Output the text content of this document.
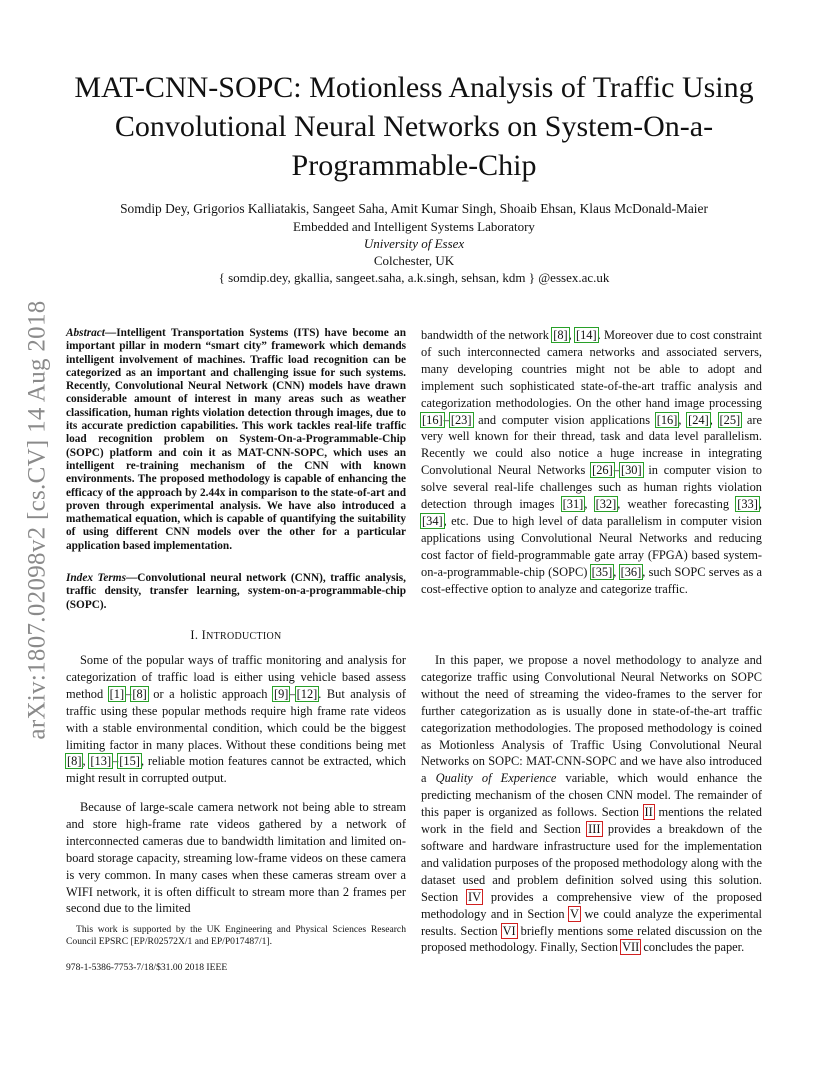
arXiv:1807.02098v2 [cs.CV] 14 Aug 2018
MAT-CNN-SOPC: Motionless Analysis of Traffic Using Convolutional Neural Networks on System-On-a-Programmable-Chip
Somdip Dey, Grigorios Kalliatakis, Sangeet Saha, Amit Kumar Singh, Shoaib Ehsan, Klaus McDonald-Maier
Embedded and Intelligent Systems Laboratory
University of Essex
Colchester, UK
{ somdip.dey, gkallia, sangeet.saha, a.k.singh, sehsan, kdm } @essex.ac.uk
Abstract—Intelligent Transportation Systems (ITS) have become an important pillar in modern “smart city” framework which demands intelligent involvement of machines. Traffic load recognition can be categorized as an important and challenging issue for such systems. Recently, Convolutional Neural Network (CNN) models have drawn considerable amount of interest in many areas such as weather classification, human rights violation detection through images, due to its accurate prediction capabilities. This work tackles real-life traffic load recognition problem on System-On-a-Programmable-Chip (SOPC) platform and coin it as MAT-CNN-SOPC, which uses an intelligent re-training mechanism of the CNN with known environments. The proposed methodology is capable of enhancing the efficacy of the approach by 2.44x in comparison to the state-of-art and proven through experimental analysis. We have also introduced a mathematical equation, which is capable of quantifying the suitability of using different CNN models over the other for a particular application based implementation.
Index Terms—Convolutional neural network (CNN), traffic analysis, traffic density, transfer learning, system-on-a-programmable-chip (SOPC).
I. INTRODUCTION

Some of the popular ways of traffic monitoring and analysis for categorization of traffic load is either using vehicle based assess method [1]–[8] or a holistic approach [9]–[12]. But analysis of traffic using these popular methods require high frame rate videos with a stable environmental condition, which could be the biggest limiting factor in many places. Without these conditions being met [8], [13]–[15], reliable motion features cannot be extracted, which might result in corrupted output.

Because of large-scale camera network not being able to stream and store high-frame rate videos gathered by a network of interconnected cameras due to bandwidth limitation and limited on-board storage capacity, streaming low-frame videos on these camera is very common. In many cases when these cameras stream over a WIFI network, it is often difficult to stream more than 2 frames per second due to the limited

This work is supported by the UK Engineering and Physical Sciences Research Council EPSRC [EP/R02572X/1 and EP/P017487/1].
978-1-5386-7753-7/18/$31.00 2018 IEEE

bandwidth of the network [8], [14]. Moreover due to cost constraint of such interconnected camera networks and associated servers, many developing countries might not be able to adopt and implement such sophisticated state-of-the-art traffic analysis and categorization methodologies. On the other hand image processing [16]–[23] and computer vision applications [16], [24], [25] are very well known for their thread, task and data level parallelism. Recently we could also notice a huge increase in integrating Convolutional Neural Networks [26]–[30] in computer vision to solve several real-life challenges such as human rights violation detection through images [31], [32], weather forecasting [33], [34], etc. Due to high level of data parallelism in computer vision applications using Convolutional Neural Networks and reducing cost factor of field-programmable gate array (FPGA) based system-on-a-programmable-chip (SOPC) [35], [36], such SOPC serves as a cost-effective option to analyze and categorize traffic.

In this paper, we propose a novel methodology to analyze and categorize traffic using Convolutional Neural Networks on SOPC without the need of streaming the video-frames to the server for further categorization as is usually done in state-of-the-art traffic categorization methodologies. The proposed methodology is coined as Motionless Analysis of Traffic Using Convolutional Neural Networks on SOPC: MAT-CNN-SOPC and we have also introduced a Quality of Experience variable, which would enhance the predicting mechanism of the chosen CNN model. The remainder of this paper is organized as follows. Section II mentions the related work in the field and Section III provides a breakdown of the software and hardware infrastructure used for the implementation and validation purposes of the proposed methodology along with the dataset used and problem definition solved using this solution. Section IV provides a comprehensive view of the proposed methodology and in Section V we could analyze the experimental results. Section VI briefly mentions some related discussion on the proposed methodology. Finally, Section VII concludes the paper.
